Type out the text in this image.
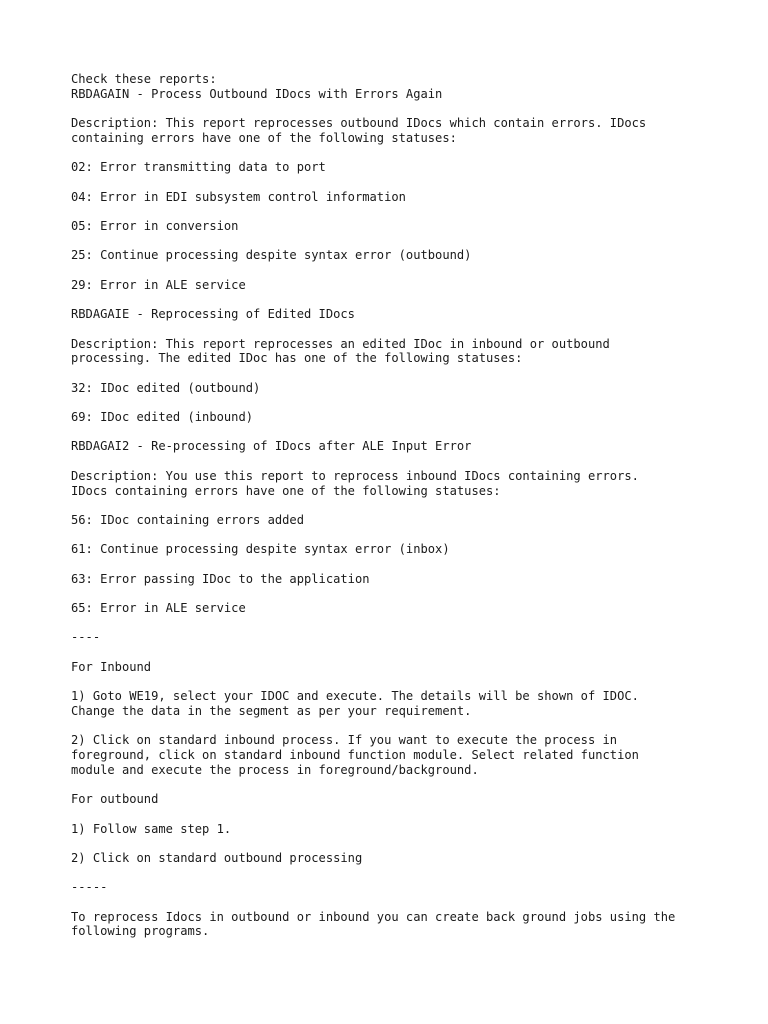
Check these reports:
RBDAGAIN - Process Outbound IDocs with Errors Again
Description: This report reprocesses outbound IDocs which contain errors. IDocs
containing errors have one of the following statuses:
02: Error transmitting data to port
04: Error in EDI subsystem control information
05: Error in conversion
25: Continue processing despite syntax error (outbound)
29: Error in ALE service
RBDAGAIE - Reprocessing of Edited IDocs
Description: This report reprocesses an edited IDoc in inbound or outbound
processing. The edited IDoc has one of the following statuses:
32: IDoc edited (outbound)
69: IDoc edited (inbound)
RBDAGAI2 - Re-processing of IDocs after ALE Input Error
Description: You use this report to reprocess inbound IDocs containing errors.
IDocs containing errors have one of the following statuses:
56: IDoc containing errors added
61: Continue processing despite syntax error (inbox)
63: Error passing IDoc to the application
65: Error in ALE service
----
For Inbound
1) Goto WE19, select your IDOC and execute. The details will be shown of IDOC.
Change the data in the segment as per your requirement.
2) Click on standard inbound process. If you want to execute the process in
foreground, click on standard inbound function module. Select related function
module and execute the process in foreground/background.
For outbound
1) Follow same step 1.
2) Click on standard outbound processing
-----
To reprocess Idocs in outbound or inbound you can create back ground jobs using the
following programs.
